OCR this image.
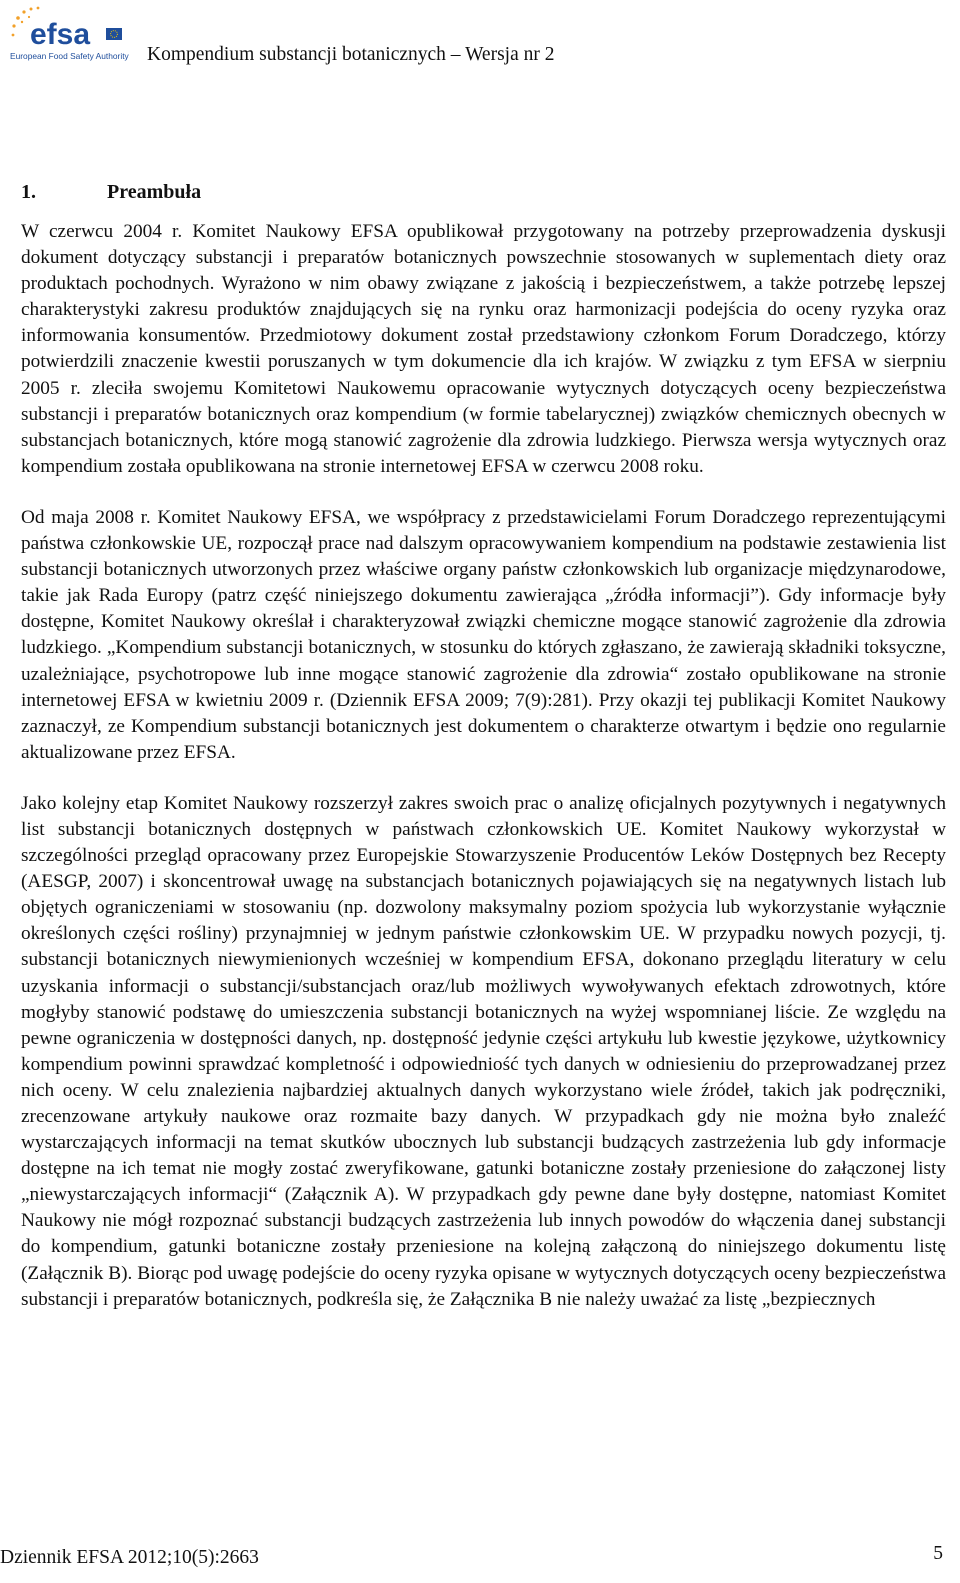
efsa
European Food Safety Authority Kompendium substancji botanicznych – Wersja nr 2
1.	Preambuła

W czerwcu 2004 r. Komitet Naukowy EFSA opublikował przygotowany na potrzeby przeprowadzenia dyskusji dokument dotyczący substancji i preparatów botanicznych powszechnie stosowanych w suplementach diety oraz produktach pochodnych. Wyrażono w nim obawy związane z jakością i bezpieczeństwem, a także potrzebę lepszej charakterystyki zakresu produktów znajdujących się na rynku oraz harmonizacji podejścia do oceny ryzyka oraz informowania konsumentów. Przedmiotowy dokument został przedstawiony członkom Forum Doradczego, którzy potwierdzili znaczenie kwestii poruszanych w tym dokumencie dla ich krajów. W związku z tym EFSA w sierpniu 2005 r. zleciła swojemu Komitetowi Naukowemu opracowanie wytycznych dotyczących oceny bezpieczeństwa substancji i preparatów botanicznych oraz kompendium (w formie tabelarycznej) związków chemicznych obecnych w substancjach botanicznych, które mogą stanowić zagrożenie dla zdrowia ludzkiego. Pierwsza wersja wytycznych oraz kompendium została opublikowana na stronie internetowej EFSA w czerwcu 2008 roku.

Od maja 2008 r. Komitet Naukowy EFSA, we współpracy z przedstawicielami Forum Doradczego reprezentującymi państwa członkowskie UE, rozpoczął prace nad dalszym opracowywaniem kompendium na podstawie zestawienia list substancji botanicznych utworzonych przez właściwe organy państw członkowskich lub organizacje międzynarodowe, takie jak Rada Europy (patrz część niniejszego dokumentu zawierająca „źródła informacji”). Gdy informacje były dostępne, Komitet Naukowy określał i charakteryzował związki chemiczne mogące stanowić zagrożenie dla zdrowia ludzkiego. „Kompendium substancji botanicznych, w stosunku do których zgłaszano, że zawierają składniki toksyczne, uzależniające, psychotropowe lub inne mogące stanowić zagrożenie dla zdrowia“ zostało opublikowane na stronie internetowej EFSA w kwietniu 2009 r. (Dziennik EFSA 2009; 7(9):281). Przy okazji tej publikacji Komitet Naukowy zaznaczył, ze Kompendium substancji botanicznych jest dokumentem o charakterze otwartym i będzie ono regularnie aktualizowane przez EFSA.

Jako kolejny etap Komitet Naukowy rozszerzył zakres swoich prac o analizę oficjalnych pozytywnych i negatywnych list substancji botanicznych dostępnych w państwach członkowskich UE. Komitet Naukowy wykorzystał w szczególności przegląd opracowany przez Europejskie Stowarzyszenie Producentów Leków Dostępnych bez Recepty (AESGP, 2007) i skoncentrował uwagę na substancjach botanicznych pojawiających się na negatywnych listach lub objętych ograniczeniami w stosowaniu (np. dozwolony maksymalny poziom spożycia lub wykorzystanie wyłącznie określonych części rośliny) przynajmniej w jednym państwie członkowskim UE. W przypadku nowych pozycji, tj. substancji botanicznych niewymienionych wcześniej w kompendium EFSA, dokonano przeglądu literatury w celu uzyskania informacji o substancji/substancjach oraz/lub możliwych wywoływanych efektach zdrowotnych, które mogłyby stanowić podstawę do umieszczenia substancji botanicznych na wyżej wspomnianej liście. Ze względu na pewne ograniczenia w dostępności danych, np. dostępność jedynie części artykułu lub kwestie językowe, użytkownicy kompendium powinni sprawdzać kompletność i odpowiedniość tych danych w odniesieniu do przeprowadzanej przez nich oceny. W celu znalezienia najbardziej aktualnych danych wykorzystano wiele źródeł, takich jak podręczniki, zrecenzowane artykuły naukowe oraz rozmaite bazy danych. W przypadkach gdy nie można było znaleźć wystarczających informacji na temat skutków ubocznych lub substancji budzących zastrzeżenia lub gdy informacje dostępne na ich temat nie mogły zostać zweryfikowane, gatunki botaniczne zostały przeniesione do załączonej listy „niewystarczających informacji“ (Załącznik A). W przypadkach gdy pewne dane były dostępne, natomiast Komitet Naukowy nie mógł rozpoznać substancji budzących zastrzeżenia lub innych powodów do włączenia danej substancji do kompendium, gatunki botaniczne zostały przeniesione na kolejną załączoną do niniejszego dokumentu listę (Załącznik B). Biorąc pod uwagę podejście do oceny ryzyka opisane w wytycznych dotyczących oceny bezpieczeństwa substancji i preparatów botanicznych, podkreśla się, że Załącznika B nie należy uważać za listę „bezpiecznych

Dziennik EFSA 2012;10(5):2663	5
